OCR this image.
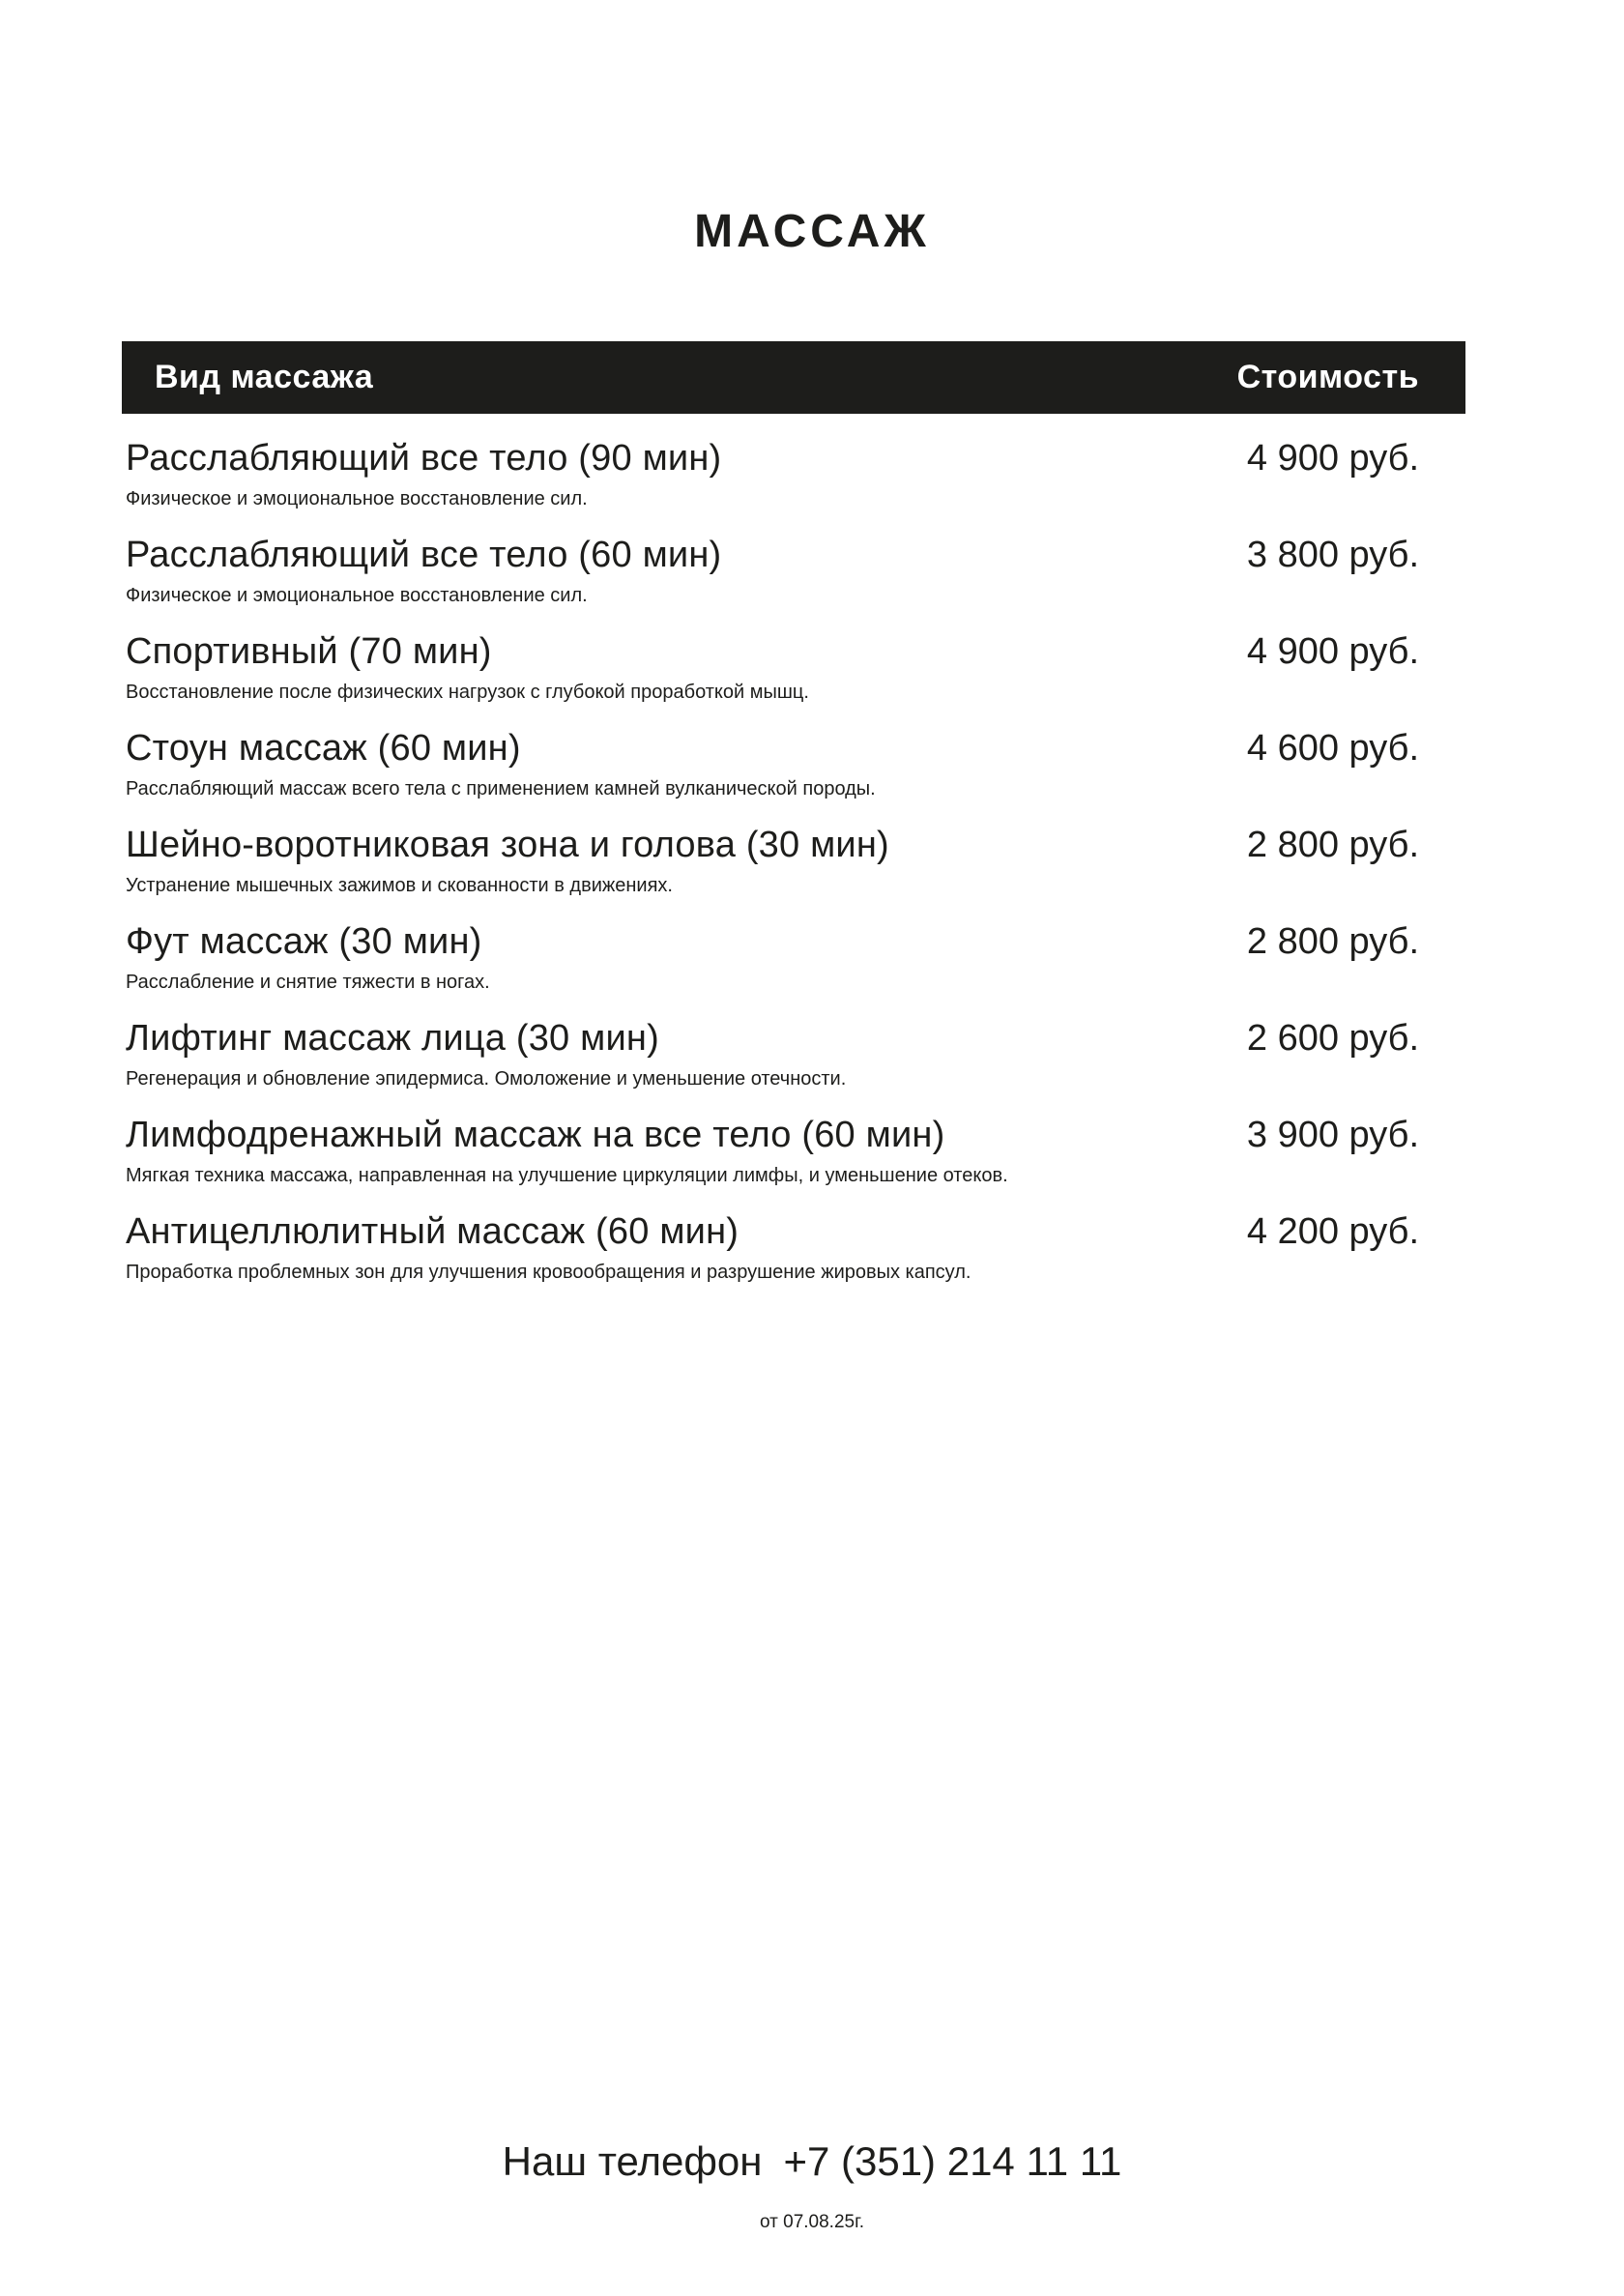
МАССАЖ
Вид массажа	Стоимость
Расслабляющий все тело (90 мин)
Физическое и эмоциональное восстановление сил.
4 900 руб.
Расслабляющий все тело (60 мин)
Физическое и эмоциональное восстановление сил.
3 800 руб.
Спортивный (70 мин)
Восстановление после физических нагрузок с глубокой проработкой мышц.
4 900 руб.
Стоун массаж (60 мин)
Расслабляющий массаж всего тела с применением камней вулканической породы.
4 600 руб.
Шейно-воротниковая зона и голова (30 мин)
Устранение мышечных зажимов и скованности в движениях.
2 800 руб.
Фут массаж (30 мин)
Расслабление и снятие тяжести в ногах.
2 800 руб.
Лифтинг массаж лица (30 мин)
Регенерация и обновление эпидермиса. Омоложение и уменьшение отечности.
2 600 руб.
Лимфодренажный массаж на все тело (60 мин)
Мягкая техника массажа, направленная на улучшение циркуляции лимфы, и уменьшение отеков.
3 900 руб.
Антицеллюлитный массаж (60 мин)
Проработка проблемных зон для улучшения кровообращения и разрушение жировых капсул.
4 200 руб.
Наш телефон +7 (351) 214 11 11
от 07.08.25г.
